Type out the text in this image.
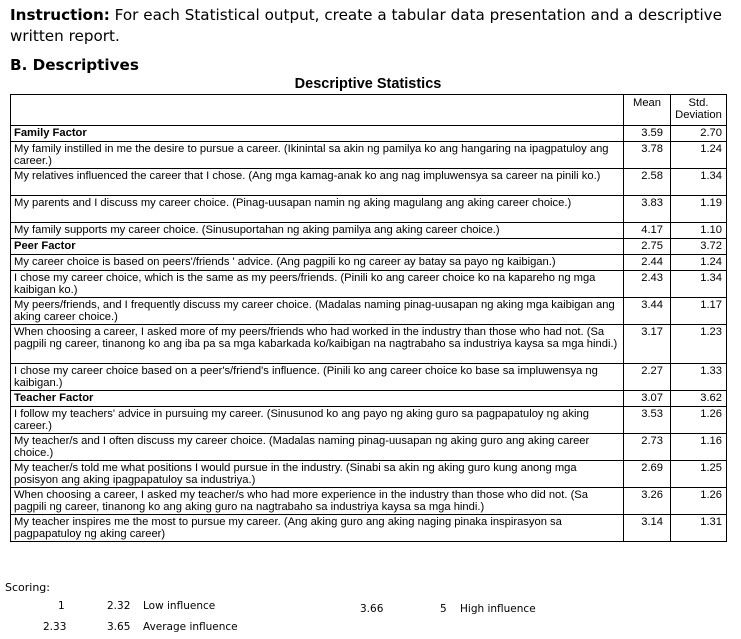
Instruction: For each Statistical output, create a tabular data presentation and a descriptive written report.
B. Descriptives
Descriptive Statistics
	Mean	Std.
Deviation
Family Factor	3.59	2.70
My family instilled in me the desire to pursue a career. (Ikinintal sa akin ng pamilya ko ang hangaring na ipagpatuloy ang career.)	3.78	1.24
My relatives influenced the career that I chose. (Ang mga kamag-anak ko ang nag impluwensya sa career na pinili ko.)	2.58	1.34
My parents and I discuss my career choice. (Pinag-uusapan namin ng aking magulang ang aking career choice.)	3.83	1.19
My family supports my career choice. (Sinusuportahan ng aking pamilya ang aking career choice.)	4.17	1.10
Peer Factor	2.75	3.72
My career choice is based on peers'/friends ' advice. (Ang pagpili ko ng career ay batay sa payo ng kaibigan.)	2.44	1.24
I chose my career choice, which is the same as my peers/friends. (Pinili ko ang career choice ko na kapareho ng mga kaibigan ko.)	2.43	1.34
My peers/friends, and I frequently discuss my career choice. (Madalas naming pinag-uusapan ng aking mga kaibigan ang aking career choice.)	3.44	1.17
When choosing a career, I asked more of my peers/friends who had worked in the industry than those who had not. (Sa pagpili ng career, tinanong ko ang iba pa sa mga kabarkada ko/kaibigan na nagtrabaho sa industriya kaysa sa mga hindi.)	3.17	1.23
I chose my career choice based on a peer's/friend's influence. (Pinili ko ang career choice ko base sa impluwensya ng kaibigan.)	2.27	1.33
Teacher Factor	3.07	3.62
I follow my teachers' advice in pursuing my career. (Sinusunod ko ang payo ng aking guro sa pagpapatuloy ng aking career.)	3.53	1.26
My teacher/s and I often discuss my career choice. (Madalas naming pinag-uusapan ng aking guro ang aking career choice.)	2.73	1.16
My teacher/s told me what positions I would pursue in the industry. (Sinabi sa akin ng aking guro kung anong mga posisyon ang aking ipagpapatuloy sa industriya.)	2.69	1.25
When choosing a career, I asked my teacher/s who had more experience in the industry than those who did not. (Sa pagpili ng career, tinanong ko ang aking guro na nagtrabaho sa industriya kaysa sa mga hindi.)	3.26	1.26
My teacher inspires me the most to pursue my career. (Ang aking guro ang aking naging pinaka inspirasyon sa pagpapatuloy ng aking career)	3.14	1.31
Scoring:
1	2.32 Low influence
2.33	3.65 Average influence
3.66	5 High influence
